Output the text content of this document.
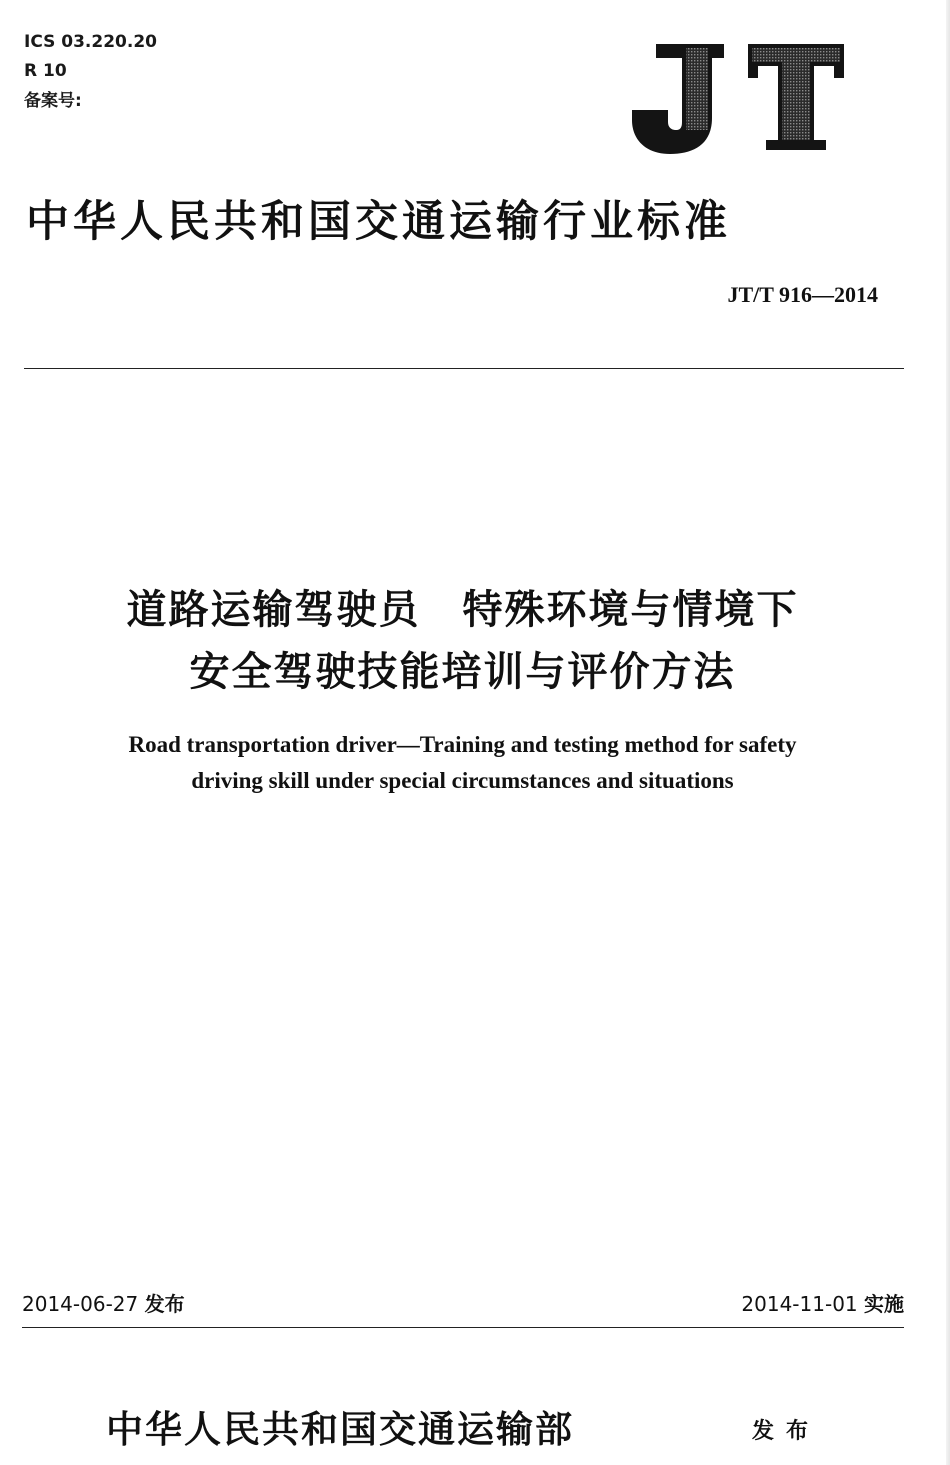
ICS 03.220.20
R 10
备案号:
中华人民共和国交通运输行业标准
JT/T 916—2014
道路运输驾驶员　特殊环境与情境下
安全驾驶技能培训与评价方法
Road transportation driver—Training and testing method for safety
driving skill under special circumstances and situations
2014-06-27 发布	2014-11-01 实施
中华人民共和国交通运输部	发布
